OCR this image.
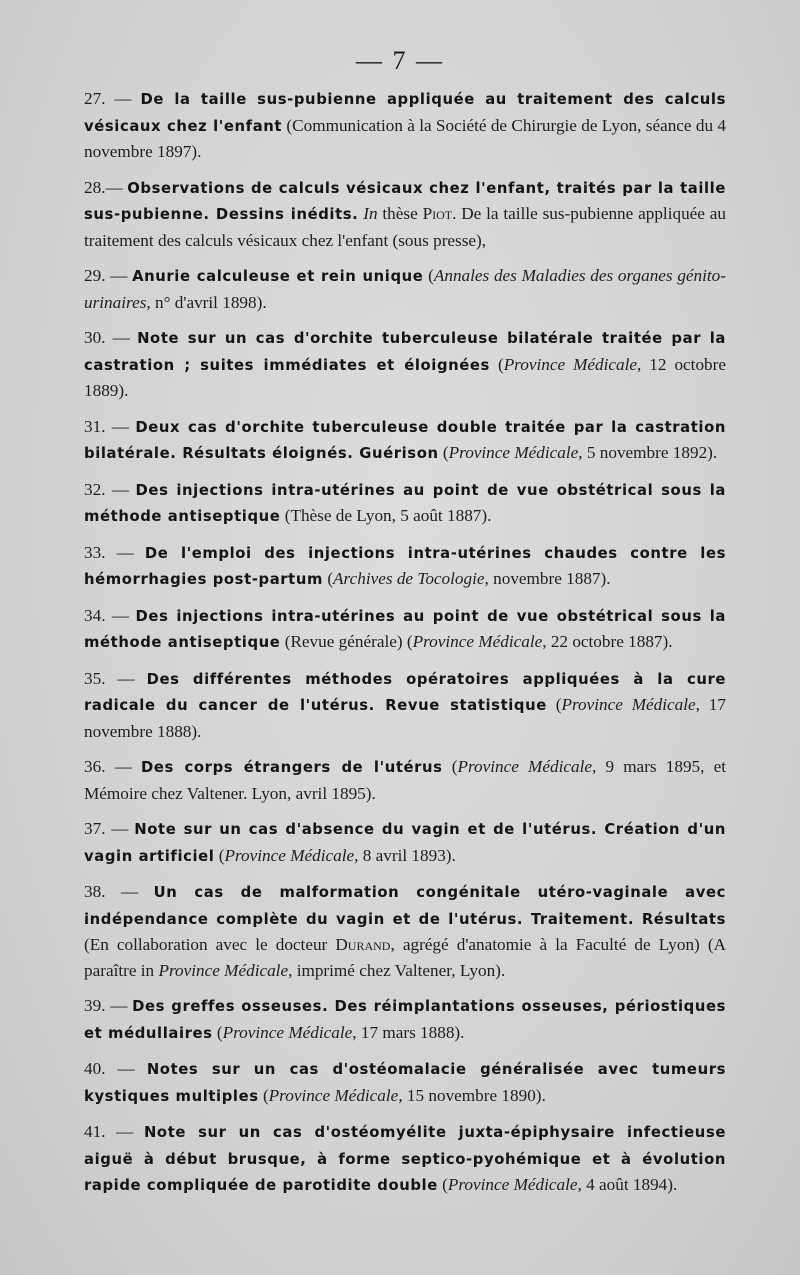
— 7 —

27. — De la taille sus-pubienne appliquée au traitement des calculs vésicaux chez l'enfant (Communication à la Société de Chirurgie de Lyon, séance du 4 novembre 1897).

28.— Observations de calculs vésicaux chez l'enfant, traités par la taille sus-pubienne. Dessins inédits. In thèse Piot. De la taille sus-pubienne appliquée au traitement des calculs vésicaux chez l'enfant (sous presse),

29. — Anurie calculeuse et rein unique (Annales des Maladies des organes génito-urinaires, n° d'avril 1898).

30. — Note sur un cas d'orchite tuberculeuse bilatérale traitée par la castration ; suites immédiates et éloignées (Province Médicale, 12 octobre 1889).

31. — Deux cas d'orchite tuberculeuse double traitée par la castration bilatérale. Résultats éloignés. Guérison (Province Médicale, 5 novembre 1892).

32. — Des injections intra-utérines au point de vue obstétrical sous la méthode antiseptique (Thèse de Lyon, 5 août 1887).

33. — De l'emploi des injections intra-utérines chaudes contre les hémorrhagies post-partum (Archives de Tocologie, novembre 1887).

34. — Des injections intra-utérines au point de vue obstétrical sous la méthode antiseptique (Revue générale) (Province Médicale, 22 octobre 1887).

35. — Des différentes méthodes opératoires appliquées à la cure radicale du cancer de l'utérus. Revue statistique (Province Médicale, 17 novembre 1888).

36. — Des corps étrangers de l'utérus (Province Médicale, 9 mars 1895, et Mémoire chez Valtener. Lyon, avril 1895).

37. — Note sur un cas d'absence du vagin et de l'utérus. Création d'un vagin artificiel (Province Médicale, 8 avril 1893).

38. — Un cas de malformation congénitale utéro-vaginale avec indépendance complète du vagin et de l'utérus. Traitement. Résultats (En collaboration avec le docteur Durand, agrégé d'anatomie à la Faculté de Lyon) (A paraître in Province Médicale, imprimé chez Valtener, Lyon).

39. — Des greffes osseuses. Des réimplantations osseuses, périostiques et médullaires (Province Médicale, 17 mars 1888).

40. — Notes sur un cas d'ostéomalacie généralisée avec tumeurs kystiques multiples (Province Médicale, 15 novembre 1890).

41. — Note sur un cas d'ostéomyélite juxta-épiphysaire infectieuse aiguë à début brusque, à forme septico-pyohémique et à évolution rapide compliquée de parotidite double (Province Médicale, 4 août 1894).
